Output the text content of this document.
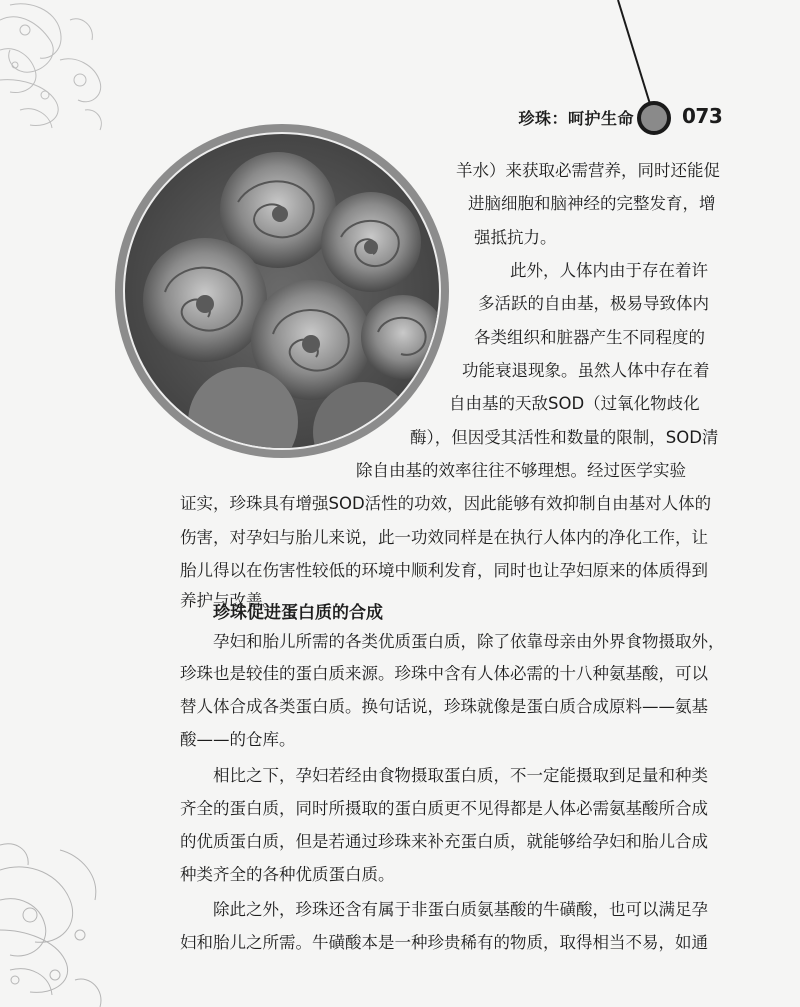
珍珠：呵护生命 073
羊水）来获取必需营养，同时还能促
进脑细胞和脑神经的完整发育，增
强抵抗力。
此外，人体内由于存在着许
多活跃的自由基，极易导致体内
各类组织和脏器产生不同程度的
功能衰退现象。虽然人体中存在着
自由基的天敌SOD（过氧化物歧化
酶），但因受其活性和数量的限制，SOD清
除自由基的效率往往不够理想。经过医学实验
证实，珍珠具有增强SOD活性的功效，因此能够有效抑制自由基对人体的
伤害，对孕妇与胎儿来说，此一功效同样是在执行人体内的净化工作，让
胎儿得以在伤害性较低的环境中顺利发育，同时也让孕妇原来的体质得到
养护与改善。
珍珠促进蛋白质的合成
孕妇和胎儿所需的各类优质蛋白质，除了依靠母亲由外界食物摄取外，
珍珠也是较佳的蛋白质来源。珍珠中含有人体必需的十八种氨基酸，可以
替人体合成各类蛋白质。换句话说，珍珠就像是蛋白质合成原料——氨基
酸——的仓库。
相比之下，孕妇若经由食物摄取蛋白质，不一定能摄取到足量和种类
齐全的蛋白质，同时所摄取的蛋白质更不见得都是人体必需氨基酸所合成
的优质蛋白质，但是若通过珍珠来补充蛋白质，就能够给孕妇和胎儿合成
种类齐全的各种优质蛋白质。
除此之外，珍珠还含有属于非蛋白质氨基酸的牛磺酸，也可以满足孕
妇和胎儿之所需。牛磺酸本是一种珍贵稀有的物质，取得相当不易，如通
